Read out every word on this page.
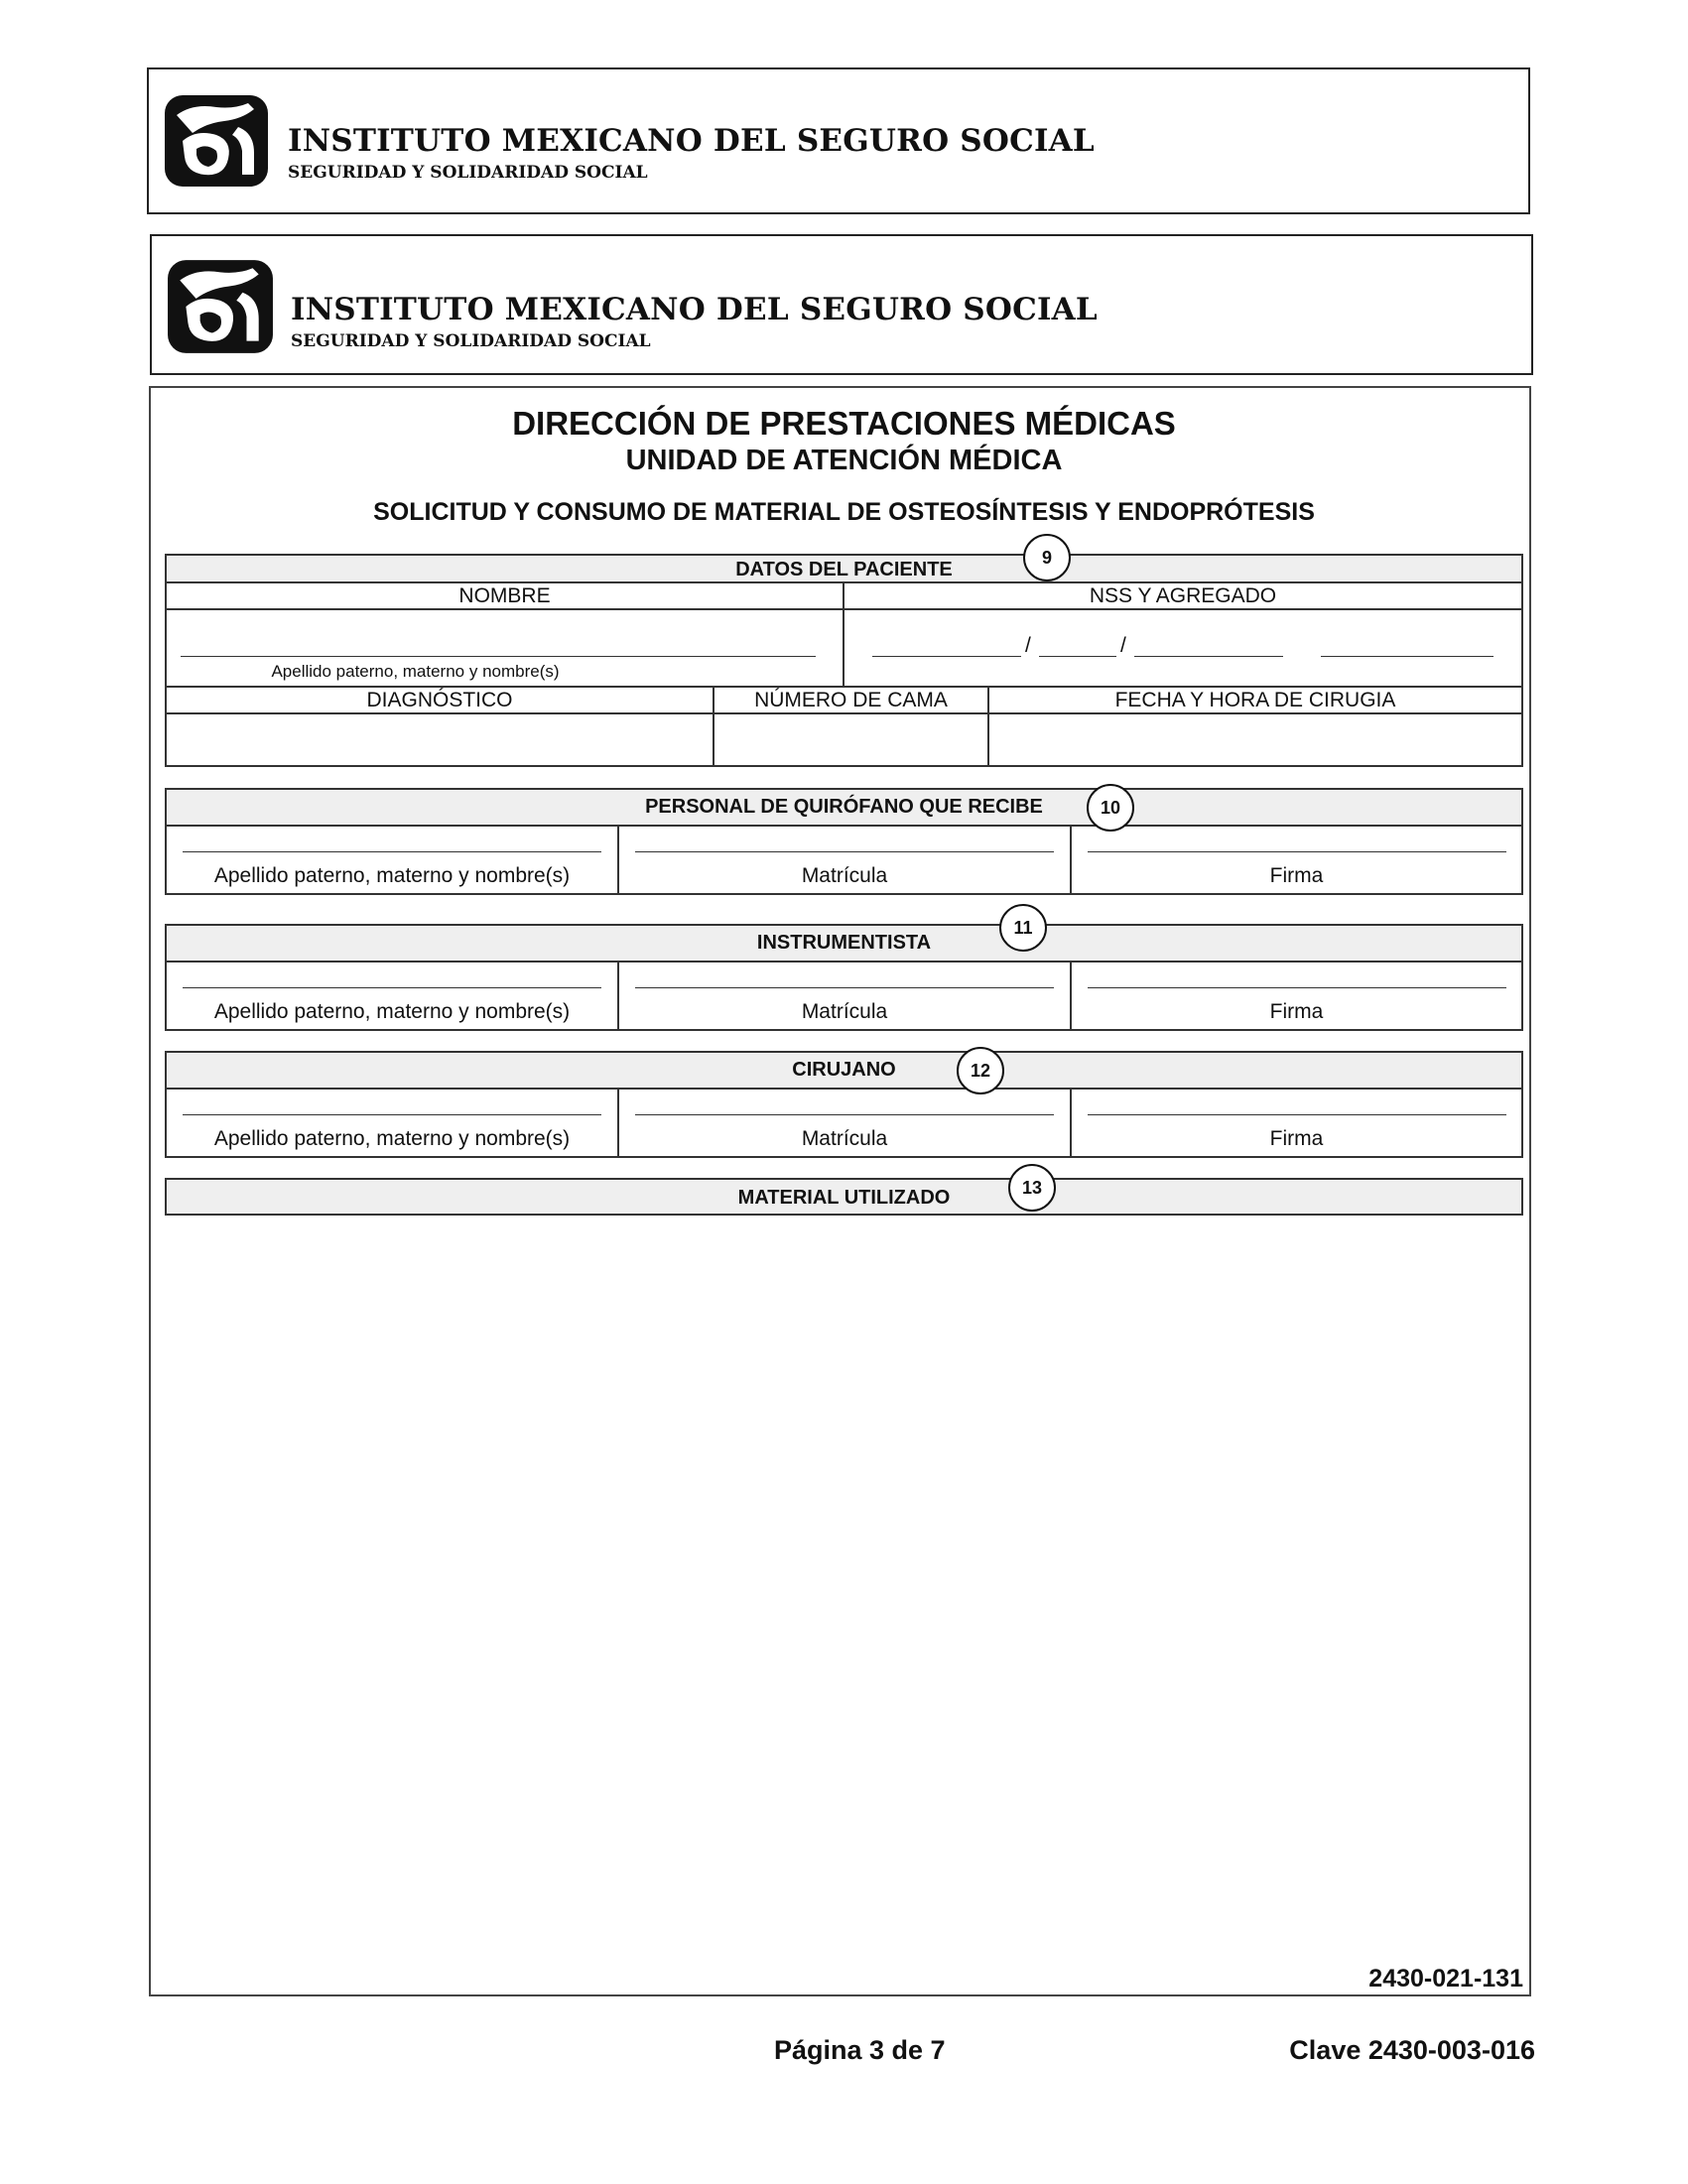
INSTITUTO MEXICANO DEL SEGURO SOCIAL
SEGURIDAD Y SOLIDARIDAD SOCIAL
INSTITUTO MEXICANO DEL SEGURO SOCIAL
SEGURIDAD Y SOLIDARIDAD SOCIAL
DIRECCIÓN DE PRESTACIONES MÉDICAS
UNIDAD DE ATENCIÓN MÉDICA
SOLICITUD Y CONSUMO DE MATERIAL DE OSTEOSÍNTESIS Y ENDOPRÓTESIS
DATOS DEL PACIENTE
NOMBRE	NSS Y AGREGADO
Apellido paterno, materno y nombre(s)
/	/
DIAGNÓSTICO	NÚMERO DE CAMA	FECHA Y HORA DE CIRUGIA
9
PERSONAL DE QUIRÓFANO QUE RECIBE
Apellido paterno, materno y nombre(s)	Matrícula	Firma
10
INSTRUMENTISTA
Apellido paterno, materno y nombre(s)	Matrícula	Firma
11
CIRUJANO
Apellido paterno, materno y nombre(s)	Matrícula	Firma
12
MATERIAL UTILIZADO	13
2430-021-131
Página 3 de 7	Clave 2430-003-016
